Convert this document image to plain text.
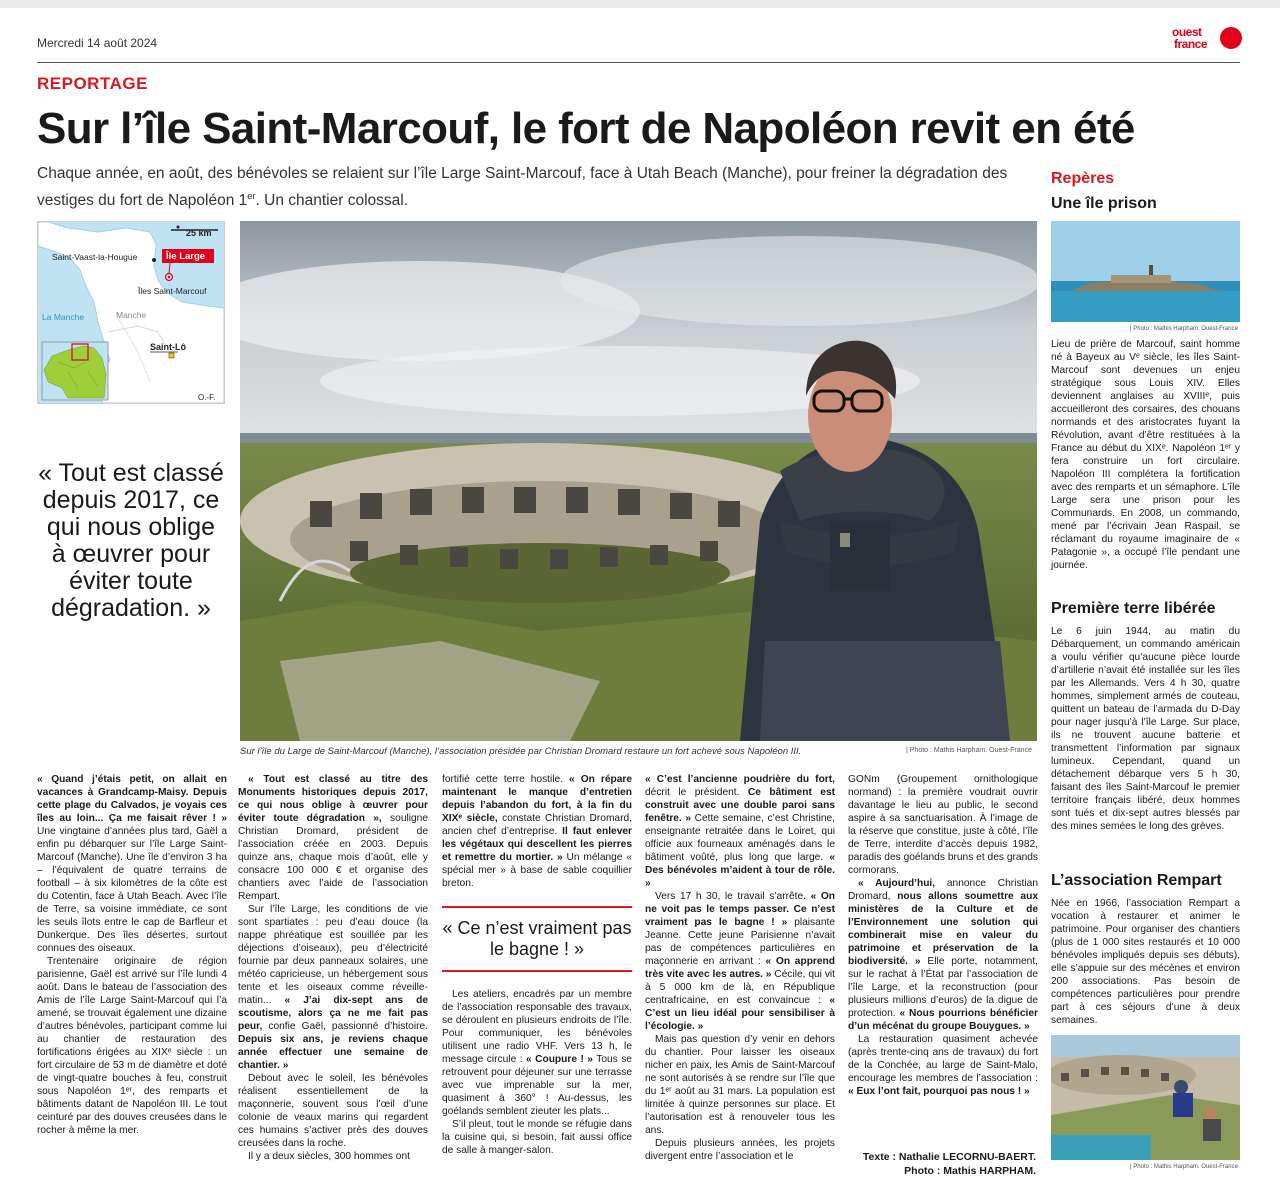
Mercredi 14 août 2024
ouest
france
REPORTAGE
Sur l’île Saint-Marcouf, le fort de Napoléon revit en été

Chaque année, en août, des bénévoles se relaient sur l’île Large Saint-Marcouf, face à Utah Beach (Manche), pour freiner la dégradation des vestiges du fort de Napoléon 1er. Un chantier colossal.

25 km
Saint-Vaast-la-Hougue	Île Large
Îles Saint-Marcouf
La Manche	Manche
Saint-Lô
O.-F.
Sur l’île du Large de Saint-Marcouf (Manche), l’association présidée par Christian Dromard restaure un fort achevé sous Napoléon III.	| Photo : Mathis Harpham. Ouest-France
« Tout est classé depuis 2017, ce qui nous oblige à œuvrer pour éviter toute dégradation. »

« Quand j’étais petit, on allait en vacances à Grandcamp-Maisy. Depuis cette plage du Calvados, je voyais ces îles au loin... Ça me faisait rêver ! » Une vingtaine d’années plus tard, Gaël a enfin pu débarquer sur l’île Large Saint-Marcouf (Manche). Une île d’environ 3 ha – l’équivalent de quatre terrains de football – à six kilomètres de la côte est du Cotentin, face à Utah Beach. Avec l’île de Terre, sa voisine immédiate, ce sont les seuls îlots entre le cap de Barfleur et Dunkerque. Des îles désertes, surtout connues des oiseaux.

Trentenaire originaire de région parisienne, Gaël est arrivé sur l’île lundi 4 août. Dans le bateau de l’association des Amis de l’île Large Saint-Marcouf qui l’a amené, se trouvait également une dizaine d’autres bénévoles, participant comme lui au chantier de restauration des fortifications érigées au XIXᵉ siècle : un fort circulaire de 53 m de diamètre et doté de vingt-quatre bouches à feu, construit sous Napoléon 1ᵉʳ, des remparts et bâtiments datant de Napoléon III. Le tout ceinturé par des douves creusées dans le rocher à même la mer.

« Tout est classé au titre des Monuments historiques depuis 2017, ce qui nous oblige à œuvrer pour éviter toute dégradation », souligne Christian Dromard, président de l’association créée en 2003. Depuis quinze ans, chaque mois d’août, elle y consacre 100 000 € et organise des chantiers avec l’aide de l’association Rempart.

Sur l’île Large, les conditions de vie sont spartiates : peu d’eau douce (la nappe phréatique est souillée par les déjections d’oiseaux), peu d’électricité fournie par deux panneaux solaires, une météo capricieuse, un hébergement sous tente et les oiseaux comme réveille-matin... « J’ai dix-sept ans de scoutisme, alors ça ne me fait pas peur, confie Gaël, passionné d’histoire. Depuis six ans, je reviens chaque année effectuer une semaine de chantier. »

Debout avec le soleil, les bénévoles réalisent essentiellement de la maçonnerie, souvent sous l’œil d’une colonie de veaux marins qui regardent ces humains s’activer près des douves creusées dans la roche.

Il y a deux siècles, 300 hommes ont

fortifié cette terre hostile. « On répare maintenant le manque d’entretien depuis l’abandon du fort, à la fin du XIXᵉ siècle, constate Christian Dromard, ancien chef d’entreprise. Il faut enlever les végétaux qui descellent les pierres et remettre du mortier. » Un mélange « spécial mer » à base de sable coquillier breton.

Les ateliers, encadrés par un membre de l’association responsable des travaux, se déroulent en plusieurs endroits de l’île. Pour communiquer, les bénévoles utilisent une radio VHF. Vers 13 h, le message circule : « Coupure ! » Tous se retrouvent pour déjeuner sur une terrasse avec vue imprenable sur la mer, quasiment à 360° ! Au-dessus, les goélands semblent zieuter les plats...

S’il pleut, tout le monde se réfugie dans la cuisine qui, si besoin, fait aussi office de salle à manger-salon.

« Ce n’est vraiment pas le bagne ! »

« C’est l’ancienne poudrière du fort, décrit le président. Ce bâtiment est construit avec une double paroi sans fenêtre. » Cette semaine, c’est Christine, enseignante retraitée dans le Loiret, qui officie aux fourneaux aménagés dans le bâtiment voûté, plus long que large. « Des bénévoles m’aident à tour de rôle. »

Vers 17 h 30, le travail s’arrête. « On ne voit pas le temps passer. Ce n’est vraiment pas le bagne ! » plaisante Jeanne. Cette jeune Parisienne n’avait pas de compétences particulières en maçonnerie en arrivant : « On apprend très vite avec les autres. » Cécile, qui vit à 5 000 km de là, en République centrafricaine, en est convaincue : « C’est un lieu idéal pour sensibiliser à l’écologie. »

Mais pas question d’y venir en dehors du chantier. Pour laisser les oiseaux nicher en paix, les Amis de Saint-Marcouf ne sont autorisés à se rendre sur l’île que du 1ᵉʳ août au 31 mars. La population est limitée à quinze personnes sur place. Et l’autorisation est à renouveler tous les ans.

Depuis plusieurs années, les projets divergent entre l’association et le

GONm (Groupement ornithologique normand) : la première voudrait ouvrir davantage le lieu au public, le second aspire à sa sanctuarisation. À l’image de la réserve que constitue, juste à côté, l’île de Terre, interdite d’accès depuis 1982, paradis des goélands bruns et des grands cormorans.

« Aujourd’hui, annonce Christian Dromard, nous allons soumettre aux ministères de la Culture et de l’Environnement une solution qui combinerait mise en valeur du patrimoine et préservation de la biodiversité. » Elle porte, notamment, sur le rachat à l’État par l’association de l’île Large, et la reconstruction (pour plusieurs millions d’euros) de la digue de protection. « Nous pourrions bénéficier d’un mécénat du groupe Bouygues. »

La restauration quasiment achevée (après trente-cinq ans de travaux) du fort de la Conchée, au large de Saint-Malo, encourage les membres de l’association : « Eux l’ont fait, pourquoi pas nous ! »

Texte : Nathalie LECORNU-BAERT.
Photo : Mathis HARPHAM.
Repères
Une île prison
| Photo : Mathis Harpham. Ouest-France
Lieu de prière de Marcouf, saint homme né à Bayeux au Vᵉ siècle, les îles Saint-Marcouf sont devenues un enjeu stratégique sous Louis XIV. Elles deviennent anglaises au XVIIIᵉ, puis accueilleront des corsaires, des chouans normands et des aristocrates fuyant la Révolution, avant d’être restituées à la France au début du XIXᵉ. Napoléon 1ᵉʳ y fera construire un fort circulaire. Napoléon III complétera la fortification avec des remparts et un sémaphore. L’île Large sera une prison pour les Communards. En 2008, un commando, mené par l’écrivain Jean Raspail, se réclamant du royaume imaginaire de « Patagonie », a occupé l’île pendant une journée.
Première terre libérée
Le 6 juin 1944, au matin du Débarquement, un commando américain a voulu vérifier qu’aucune pièce lourde d’artillerie n’avait été installée sur les îles par les Allemands. Vers 4 h 30, quatre hommes, simplement armés de couteau, quittent un bateau de l’armada du D-Day pour nager jusqu’à l’île Large. Sur place, ils ne trouvent aucune batterie et transmettent l’information par signaux lumineux. Cependant, quand un détachement débarque vers 5 h 30, faisant des îles Saint-Marcouf le premier territoire français libéré, deux hommes sont tués et dix-sept autres blessés par des mines semées le long des grèves.
L’association Rempart
Née en 1966, l’association Rempart a vocation à restaurer et animer le patrimoine. Pour organiser des chantiers (plus de 1 000 sites restaurés et 10 000 bénévoles impliqués depuis ses débuts), elle s’appuie sur des mécènes et environ 200 associations. Pas besoin de compétences particulières pour prendre part à ces séjours d’une à deux semaines.
| Photo : Mathis Harpham. Ouest-France
